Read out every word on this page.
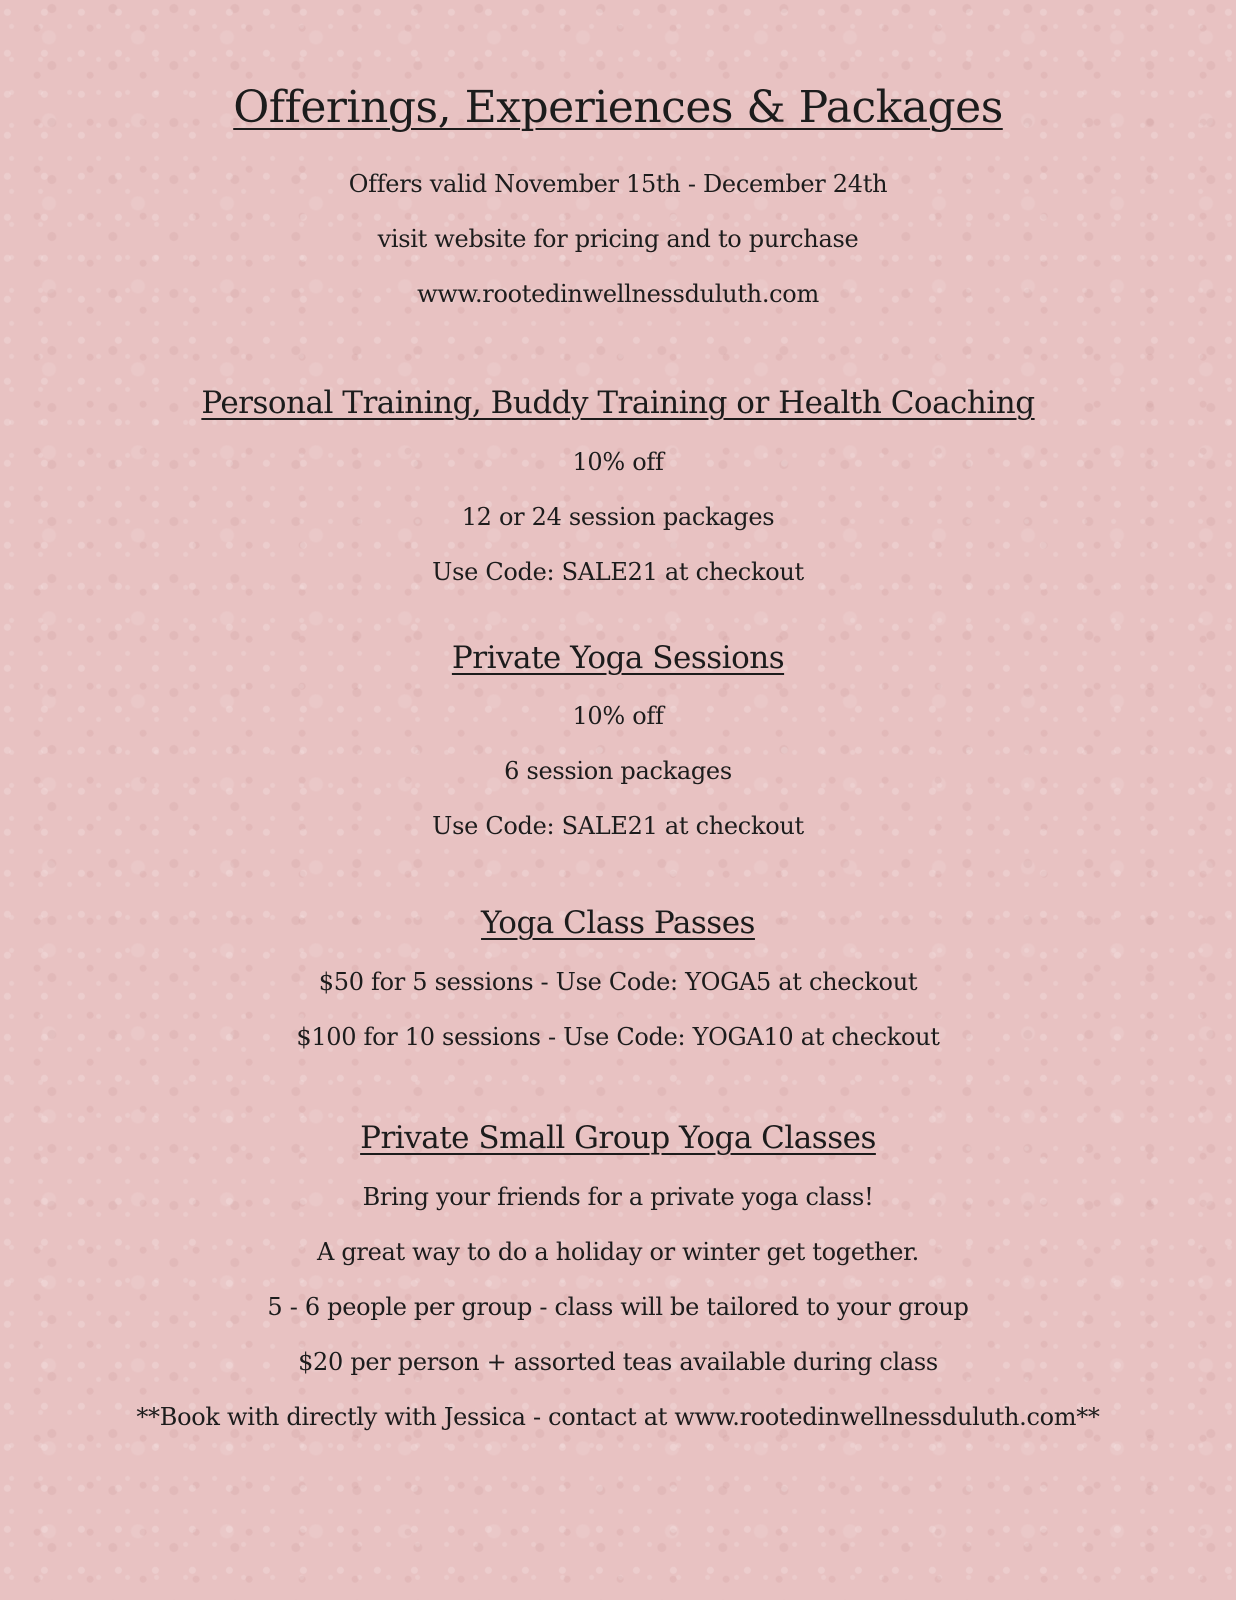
Offerings, Experiences & Packages
Offers valid November 15th - December 24th
visit website for pricing and to purchase
www.rootedinwellnessduluth.com
Personal Training, Buddy Training or Health Coaching
10% off
12 or 24 session packages
Use Code: SALE21 at checkout
Private Yoga Sessions
10% off
6 session packages
Use Code: SALE21 at checkout
Yoga Class Passes
$50 for 5 sessions - Use Code: YOGA5 at checkout
$100 for 10 sessions - Use Code: YOGA10 at checkout
Private Small Group Yoga Classes
Bring your friends for a private yoga class!
A great way to do a holiday or winter get together.
5 - 6 people per group - class will be tailored to your group
$20 per person + assorted teas available during class
**Book with directly with Jessica - contact at www.rootedinwellnessduluth.com**
